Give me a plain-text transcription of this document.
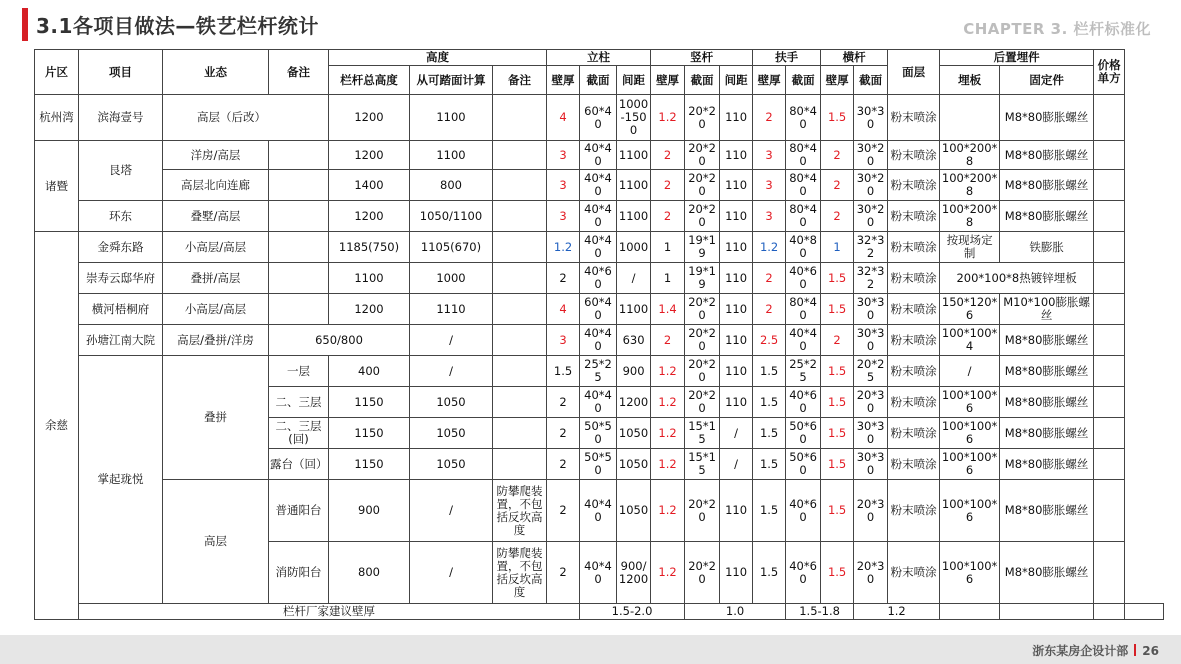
3.1各项目做法—铁艺栏杆统计	CHAPTER 3. 栏杆标准化
片区	项目	业态	备注	高度			立柱			竖杆			扶手		横杆		面层	后置埋件		价格单方	
				栏杆总高度	从可踏面计算	备注	壁厚	截面	间距	壁厚	截面	间距	壁厚	截面	壁厚	截面		埋板	固定件		
杭州湾	滨海壹号	高层（后改）		1200	1100		4	60*40	1000-1500	1.2	20*20	110	2	80*40	1.5	30*30	粉末喷涂		M8*80膨胀螺丝		
诸暨	艮塔	洋房/高层		1200	1100		3	40*40	1100	2	20*20	110	3	80*40	2	30*20	粉末喷涂	100*200*8	M8*80膨胀螺丝		
		高层北向连廊		1400	800		3	40*40	1100	2	20*20	110	3	80*40	2	30*20	粉末喷涂	100*200*8	M8*80膨胀螺丝		
	环东	叠墅/高层		1200	1050/1100		3	40*40	1100	2	20*20	110	3	80*40	2	30*20	粉末喷涂	100*200*8	M8*80膨胀螺丝		
余慈	金舜东路	小高层/高层		1185(750)	1105(670)		1.2	40*40	1000	1	19*19	110	1.2	40*80	1	32*32	粉末喷涂	按现场定制	铁膨胀		
	崇寿云邸华府	叠拼/高层		1100	1000		2	40*60	/	1	19*19	110	2	40*60	1.5	32*32	粉末喷涂	200*100*8热镀锌埋板			
	横河梧桐府	小高层/高层		1200	1110		4	60*40	1100	1.4	20*20	110	2	80*40	1.5	30*30	粉末喷涂	150*120*6	M10*100膨胀螺丝		
	孙塘江南大院	高层/叠拼/洋房	650/800		/		3	40*40	630	2	20*20	110	2.5	40*40	2	30*30	粉末喷涂	100*100*4	M8*80膨胀螺丝		
	掌起珑悦	叠拼	一层	400	/		1.5	25*25	900	1.2	20*20	110	1.5	25*25	1.5	20*25	粉末喷涂	/	M8*80膨胀螺丝		
			二、三层	1150	1050		2	40*40	1200	1.2	20*20	110	1.5	40*60	1.5	20*30	粉末喷涂	100*100*6	M8*80膨胀螺丝		
			二、三层(回)	1150	1050		2	50*50	1050	1.2	15*15	/	1.5	50*60	1.5	30*30	粉末喷涂	100*100*6	M8*80膨胀螺丝		
			露台（回）	1150	1050		2	50*50	1050	1.2	15*15	/	1.5	50*60	1.5	30*30	粉末喷涂	100*100*6	M8*80膨胀螺丝		
		高层	普通阳台	900	/	防攀爬装置，不包括反坎高度	2	40*40	1050	1.2	20*20	110	1.5	40*60	1.5	20*30	粉末喷涂	100*100*6	M8*80膨胀螺丝		
			消防阳台	800	/	防攀爬装置，不包括反坎高度	2	40*40	900/1200	1.2	20*20	110	1.5	40*60	1.5	20*30	粉末喷涂	100*100*6	M8*80膨胀螺丝		
	栏杆厂家建议壁厚							1.5-2.0			1.0			1.5-1.8		1.2					
浙东某房企设计部 26
